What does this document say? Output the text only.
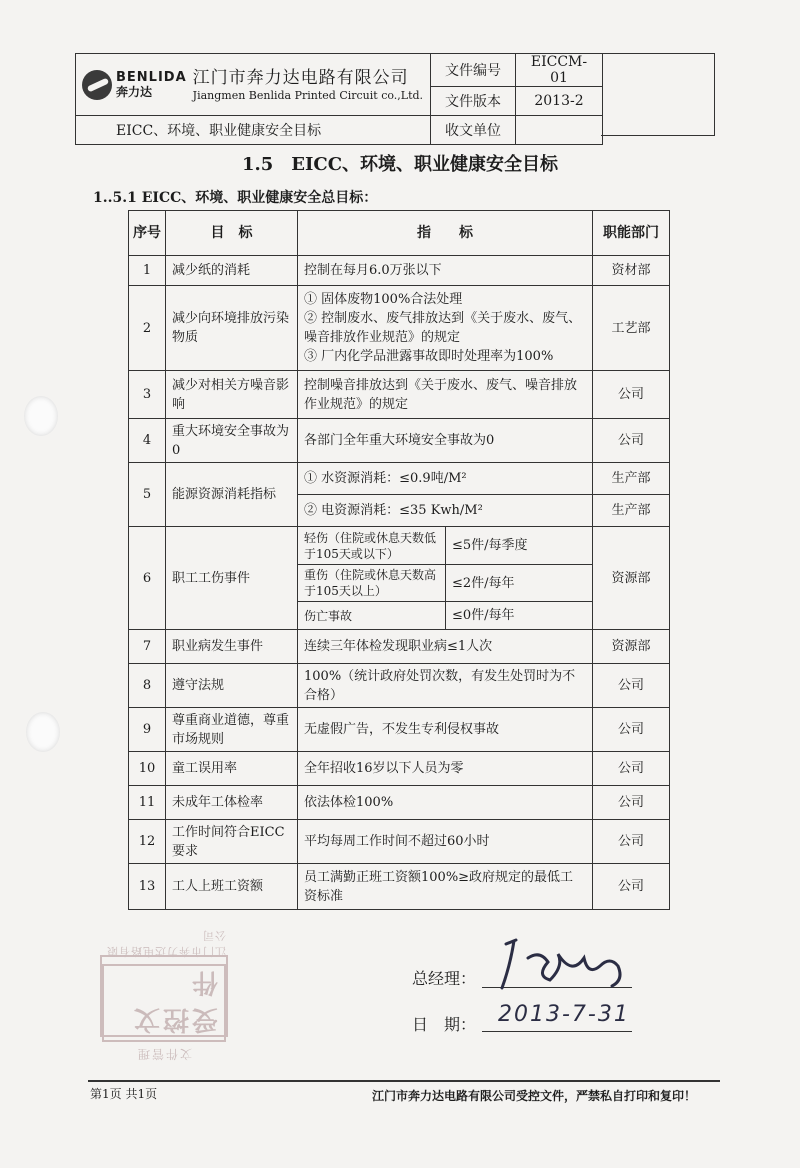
BENLIDA
奔力达
江门市奔力达电路有限公司
Jiangmen Benlida Printed Circuit co.,Ltd.	文件编号	EICCM-01
	文件版本	2013-2
EICC、环境、职业健康安全目标	收文单位	
1.5　EICC、环境、职业健康安全目标

1..5.1 EICC、环境、职业健康安全总目标：

序号	目　标	指　　标		职能部门
1	减少纸的消耗	控制在每月6.0万张以下		资材部
2	减少向环境排放污染物质	① 固体废物100%合法处理
② 控制废水、废气排放达到《关于废水、废气、噪音排放作业规范》的规定
③ 厂内化学品泄露事故即时处理率为100%		工艺部
3	减少对相关方噪音影响	控制噪音排放达到《关于废水、废气、噪音排放作业规范》的规定		公司
4	重大环境安全事故为0	各部门全年重大环境安全事故为0		公司
5	能源资源消耗指标	① 水资源消耗：≤0.9吨/M²		生产部
		② 电资源消耗：≤35 Kwh/M²		生产部
6	职工工伤事件	轻伤（住院或休息天数低于105天或以下）	≤5件/每季度	资源部
		重伤（住院或休息天数高于105天以上）	≤2件/每年	
		伤亡事故	≤0件/每年	
7	职业病发生事件	连续三年体检发现职业病≤1人次		资源部
8	遵守法规	100%（统计政府处罚次数，有发生处罚时为不合格）		公司
9	尊重商业道德，尊重市场规则	无虚假广告，不发生专利侵权事故		公司
10	童工误用率	全年招收16岁以下人员为零		公司
11	未成年工体检率	依法体检100%		公司
12	工作时间符合EICC要求	平均每周工作时间不超过60小时		公司
13	工人上班工资额	员工满勤正班工资额100%≥政府规定的最低工资标准		公司
文件管理
受控文件
江门市奔力达电路有限公司
总经理：
日　期： 2013-7-31
第1页 共1页	江门市奔力达电路有限公司受控文件，严禁私自打印和复印！
